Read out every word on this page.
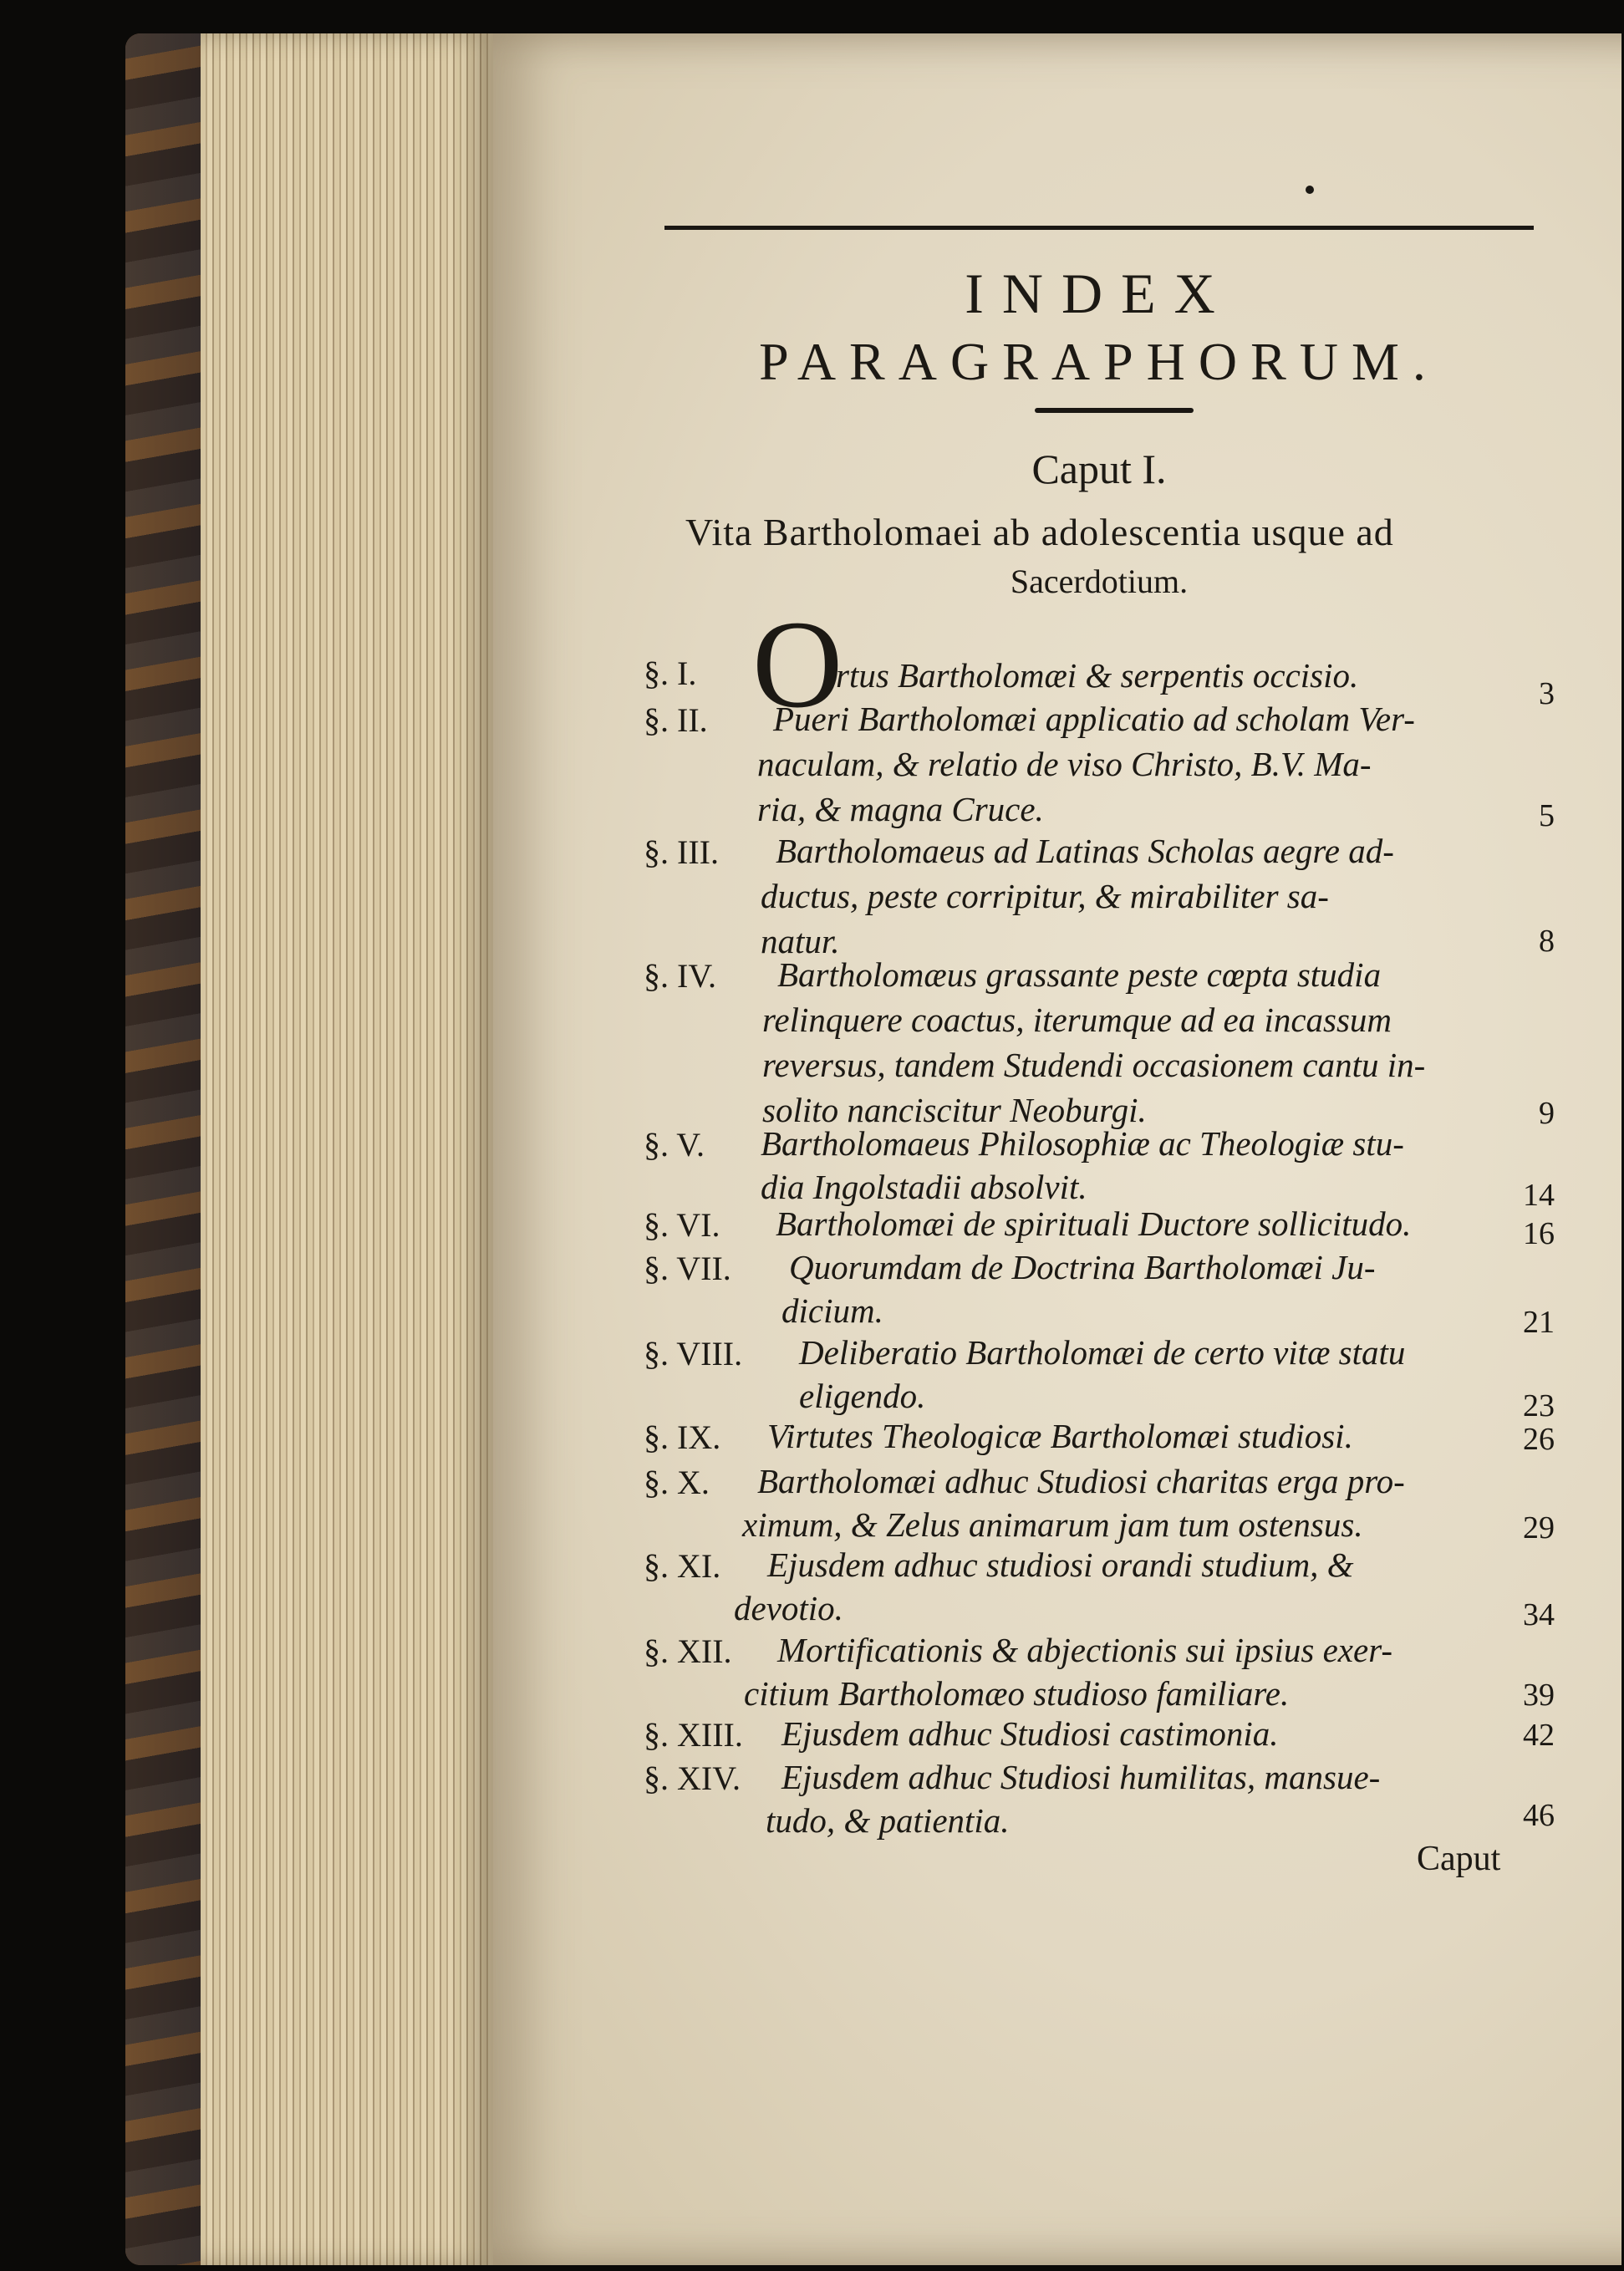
INDEX
PARAGRAPHORUM.
Caput I.
Vita Bartholomaei ab adolescentia usque ad
Sacerdotium.
§. I. O
rtus Bartholomæi & serpentis occisio.	3
§. II. Pueri Bartholomæi applicatio ad scholam Ver-
naculam, & relatio de viso Christo, B.V. Ma-
ria, & magna Cruce.	5
§. III. Bartholomaeus ad Latinas Scholas aegre ad-
ductus, peste corripitur, & mirabiliter sa-
natur.	8
§. IV. Bartholomæus grassante peste cœpta studia
relinquere coactus, iterumque ad ea incassum
reversus, tandem Studendi occasionem cantu in-
solito nanciscitur Neoburgi.	9
§. V. Bartholomaeus Philosophiæ ac Theologiæ stu-
dia Ingolstadii absolvit.	14
§. VI. Bartholomæi de spirituali Ductore sollicitudo.	16
§. VII. Quorumdam de Doctrina Bartholomæi Ju-
dicium.	21
§. VIII. Deliberatio Bartholomæi de certo vitæ statu
eligendo.	23
§. IX. Virtutes Theologicæ Bartholomæi studiosi.	26
§. X. Bartholomæi adhuc Studiosi charitas erga pro-
ximum, & Zelus animarum jam tum ostensus.	29
§. XI. Ejusdem adhuc studiosi orandi studium, &
devotio.	34
§. XII. Mortificationis & abjectionis sui ipsius exer-
citium Bartholomæo studioso familiare.	39
§. XIII. Ejusdem adhuc Studiosi castimonia.	42
§. XIV. Ejusdem adhuc Studiosi humilitas, mansue-
tudo, & patientia.	46
Caput
